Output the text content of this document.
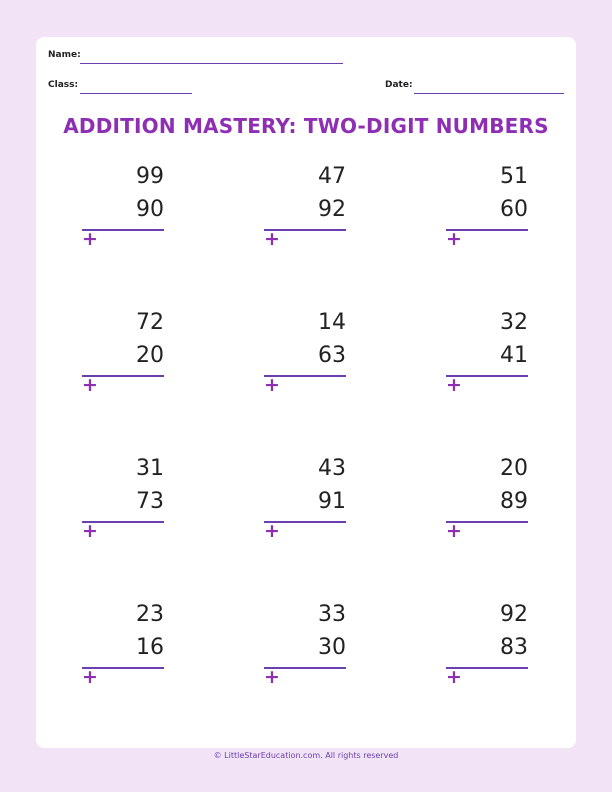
Name:
Class:	Date:
ADDITION MASTERY: TWO-DIGIT NUMBERS
99
90
+
47
92
+
51
60
+
72
20
+
14
63
+
32
41
+
31
73
+
43
91
+
20
89
+
23
16
+
33
30
+
92
83
+
© LittleStarEducation.com. All rights reserved
